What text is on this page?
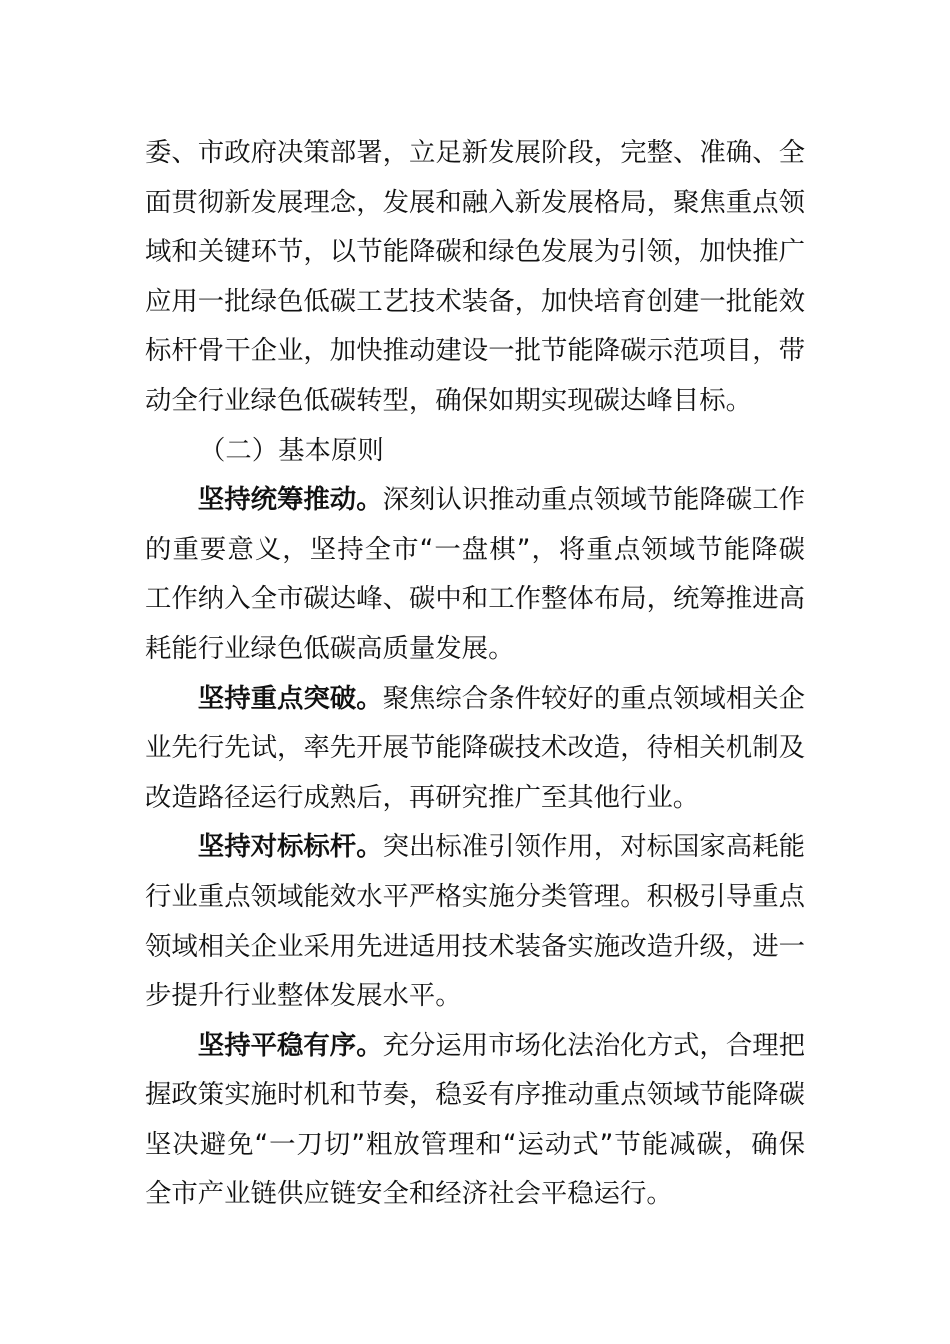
委、市政府决策部署，立足新发展阶段，完整、准确、全面贯彻新发展理念，发展和融入新发展格局，聚焦重点领域和关键环节，以节能降碳和绿色发展为引领，加快推广应用一批绿色低碳工艺技术装备，加快培育创建一批能效标杆骨干企业，加快推动建设一批节能降碳示范项目，带动全行业绿色低碳转型，确保如期实现碳达峰目标。

（二）基本原则

坚持统筹推动。深刻认识推动重点领域节能降碳工作的重要意义，坚持全市“一盘棋”，将重点领域节能降碳工作纳入全市碳达峰、碳中和工作整体布局，统筹推进高耗能行业绿色低碳高质量发展。

坚持重点突破。聚焦综合条件较好的重点领域相关企业先行先试，率先开展节能降碳技术改造，待相关机制及改造路径运行成熟后，再研究推广至其他行业。

坚持对标标杆。突出标准引领作用，对标国家高耗能行业重点领域能效水平严格实施分类管理。积极引导重点领域相关企业采用先进适用技术装备实施改造升级，进一步提升行业整体发展水平。

坚持平稳有序。充分运用市场化法治化方式，合理把握政策实施时机和节奏，稳妥有序推动重点领域节能降碳坚决避免“一刀切”粗放管理和“运动式”节能减碳，确保全市产业链供应链安全和经济社会平稳运行。
